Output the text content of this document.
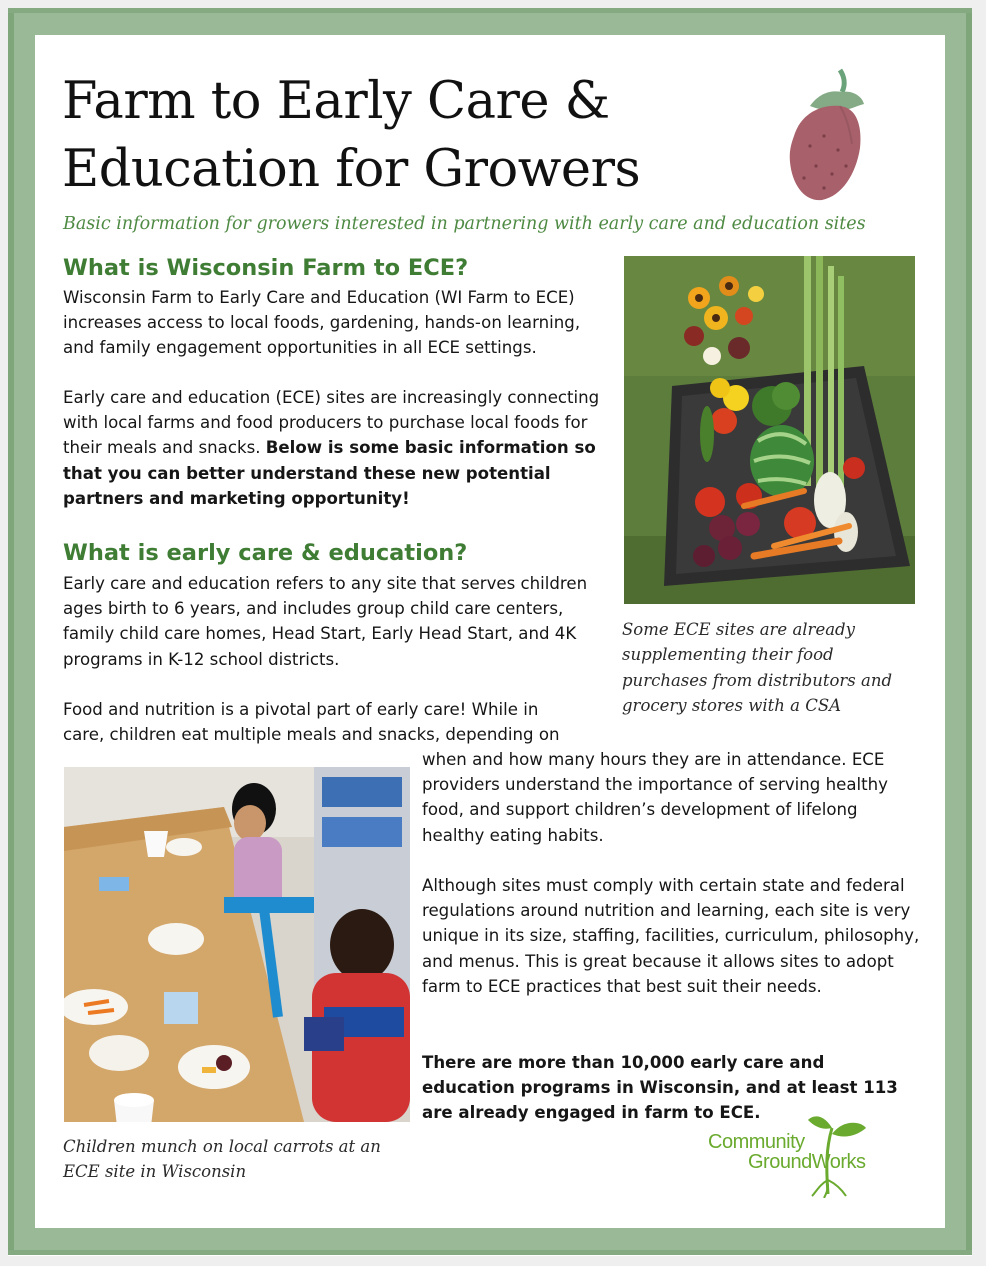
Farm to Early Care & Education for Growers
Basic information for growers interested in partnering with early care and education sites
What is Wisconsin Farm to ECE?
Wisconsin Farm to Early Care and Education (WI Farm to ECE) increases access to local foods, gardening, hands-on learning, and family engagement opportunities in all ECE settings.
Early care and education (ECE) sites are increasingly connecting with local farms and food producers to purchase local foods for their meals and snacks. Below is some basic information so that you can better understand these new potential partners and marketing opportunity!
Some ECE sites are already supplementing their food purchases from distributors and grocery stores with a CSA
What is early care & education?
Early care and education refers to any site that serves children ages birth to 6 years, and includes group child care centers, family child care homes, Head Start, Early Head Start, and 4K programs in K-12 school districts.
Food and nutrition is a pivotal part of early care! While in care, children eat multiple meals and snacks, depending on
Children munch on local carrots at an ECE site in Wisconsin
when and how many hours they are in attendance. ECE providers understand the importance of serving healthy food, and support children’s development of lifelong healthy eating habits.
Although sites must comply with certain state and federal regulations around nutrition and learning, each site is very unique in its size, staffing, facilities, curriculum, philosophy, and menus. This is great because it allows sites to adopt farm to ECE practices that best suit their needs.
There are more than 10,000 early care and education programs in Wisconsin, and at least 113 are already engaged in farm to ECE.
Community
GroundWorks
